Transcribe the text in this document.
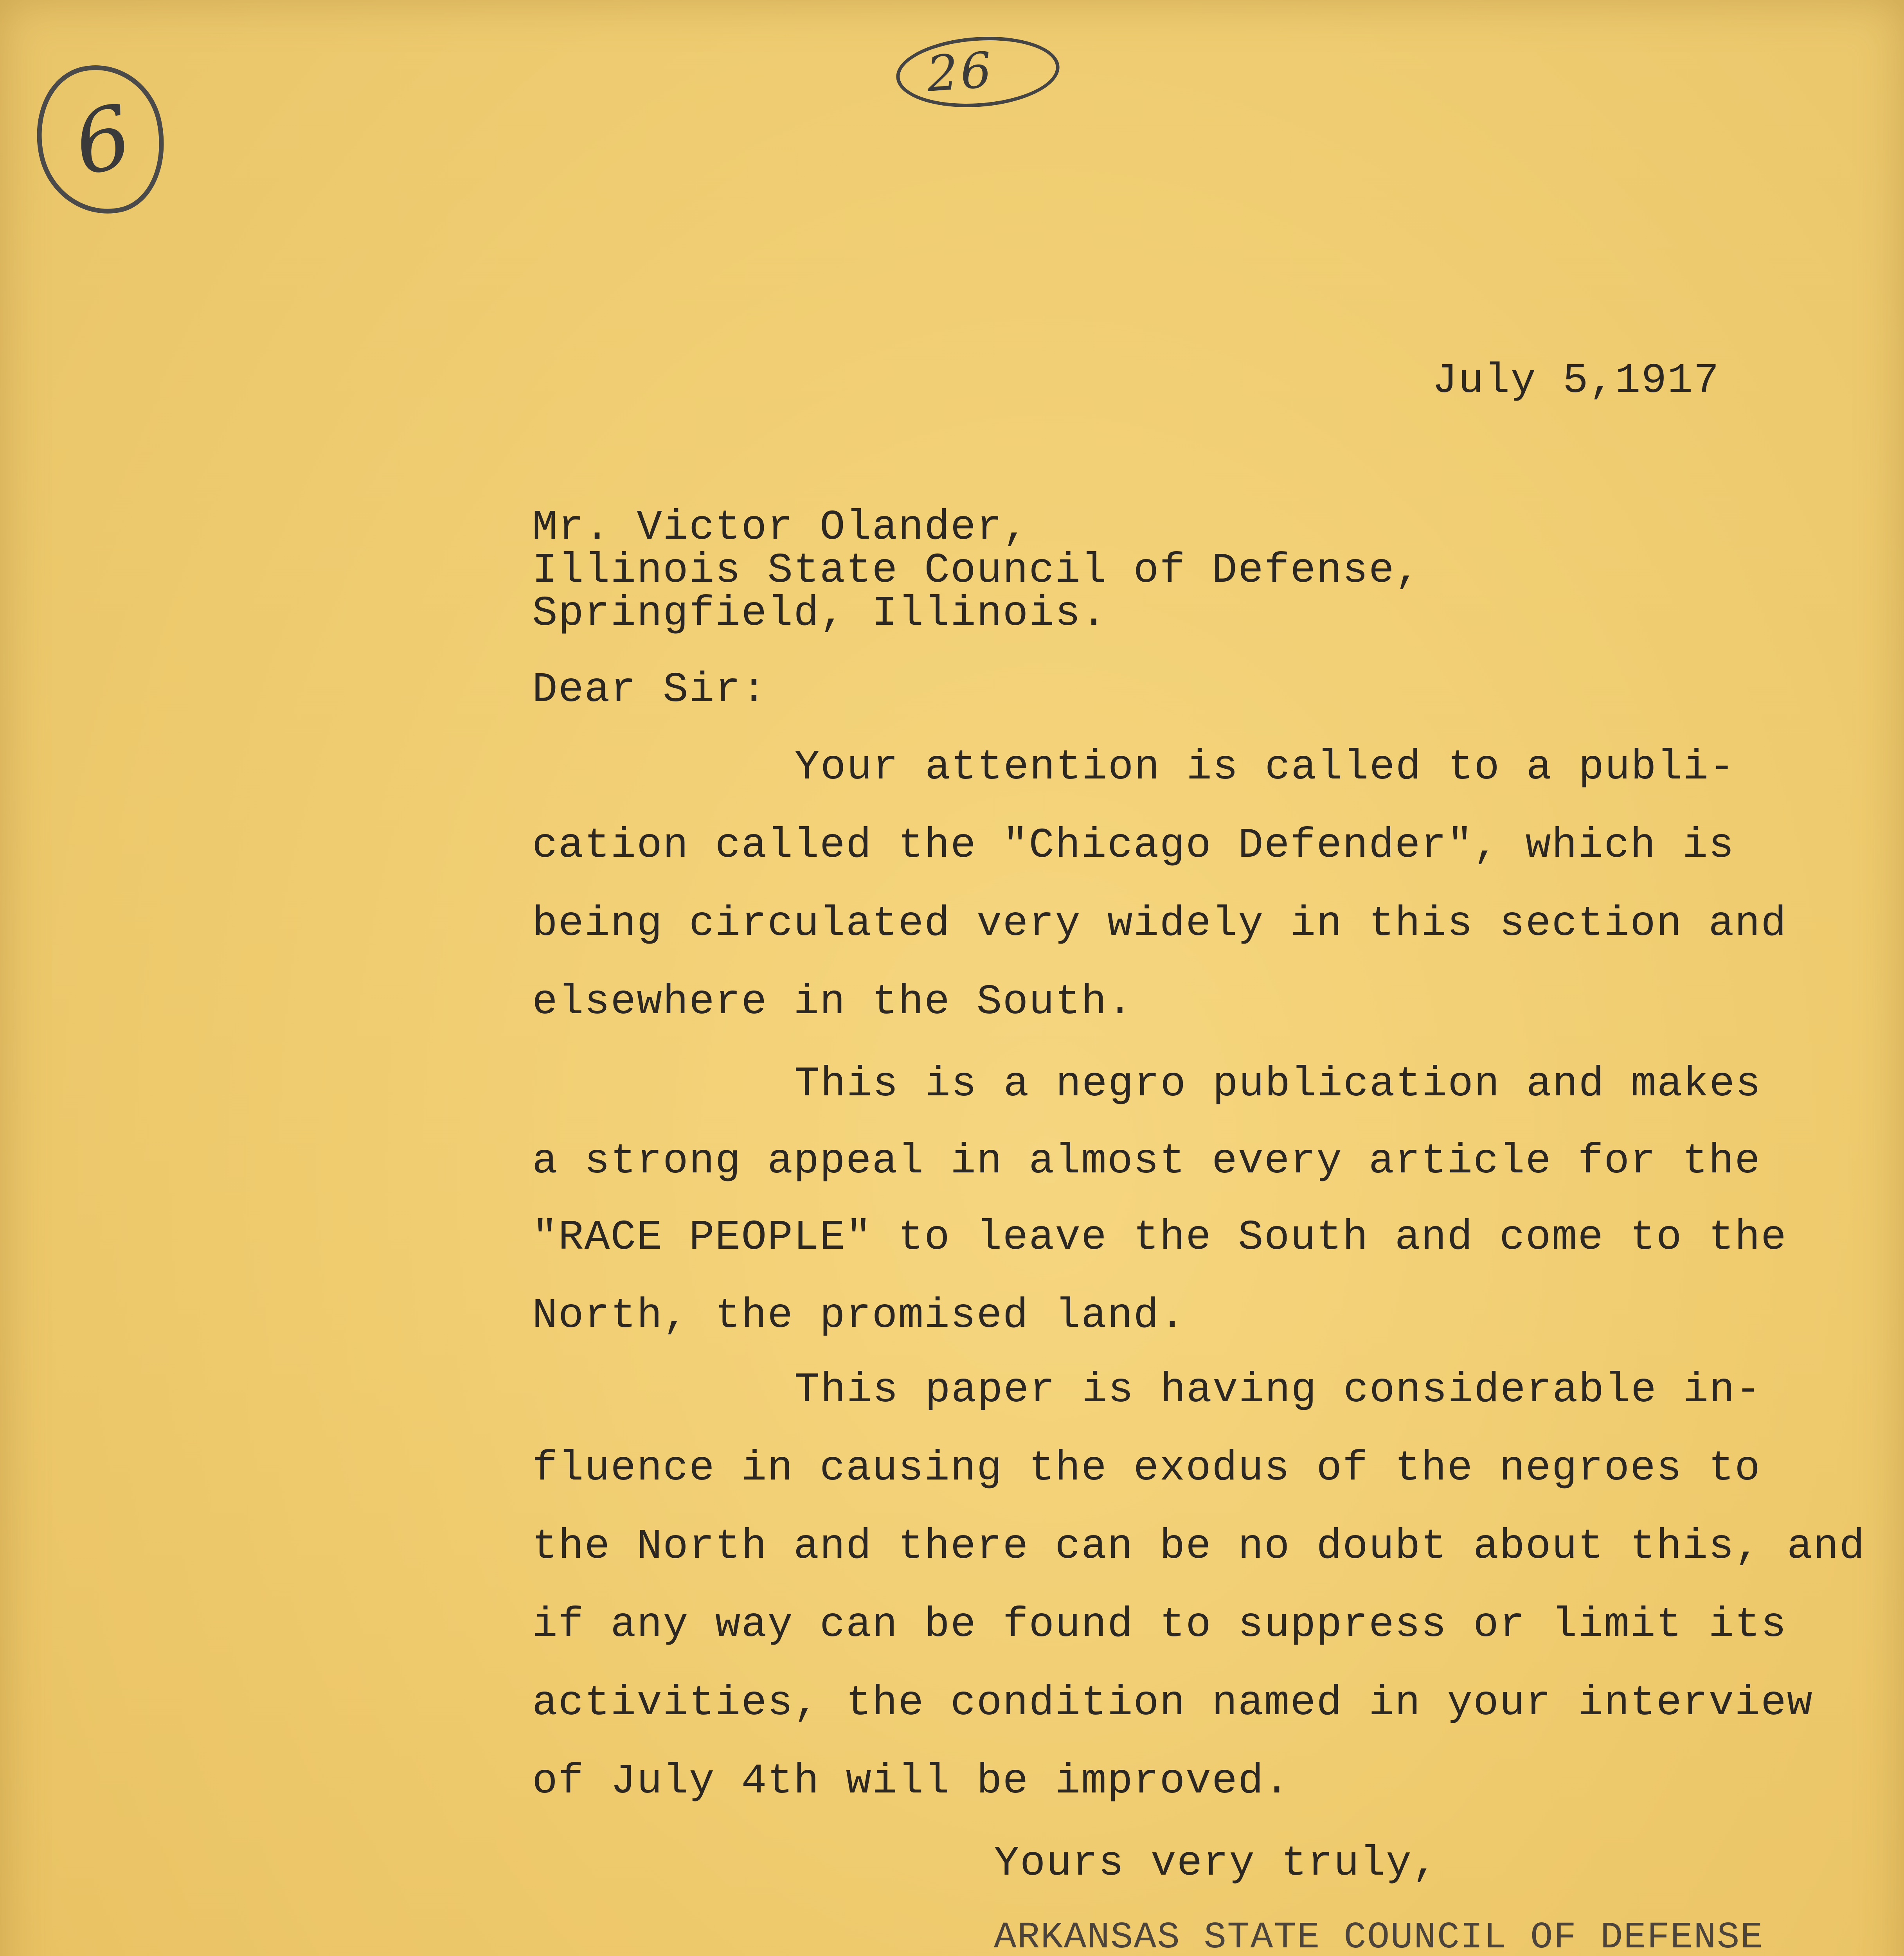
6
26
July 5,1917
Mr. Victor Olander,
Illinois State Council of Defense,
Springfield, Illinois.
Dear Sir:
Your attention is called to a publi-
cation called the "Chicago Defender", which is
being circulated very widely in this section and
elsewhere in the South.
This is a negro publication and makes
a strong appeal in almost every article for the
"RACE PEOPLE" to leave the South and come to the
North, the promised land.
This paper is having considerable in-
fluence in causing the exodus of the negroes to
the North and there can be no doubt about this, and
if any way can be found to suppress or limit its
activities, the condition named in your interview
of July 4th will be improved.
Yours very truly,
ARKANSAS STATE COUNCIL OF DEFENSE
